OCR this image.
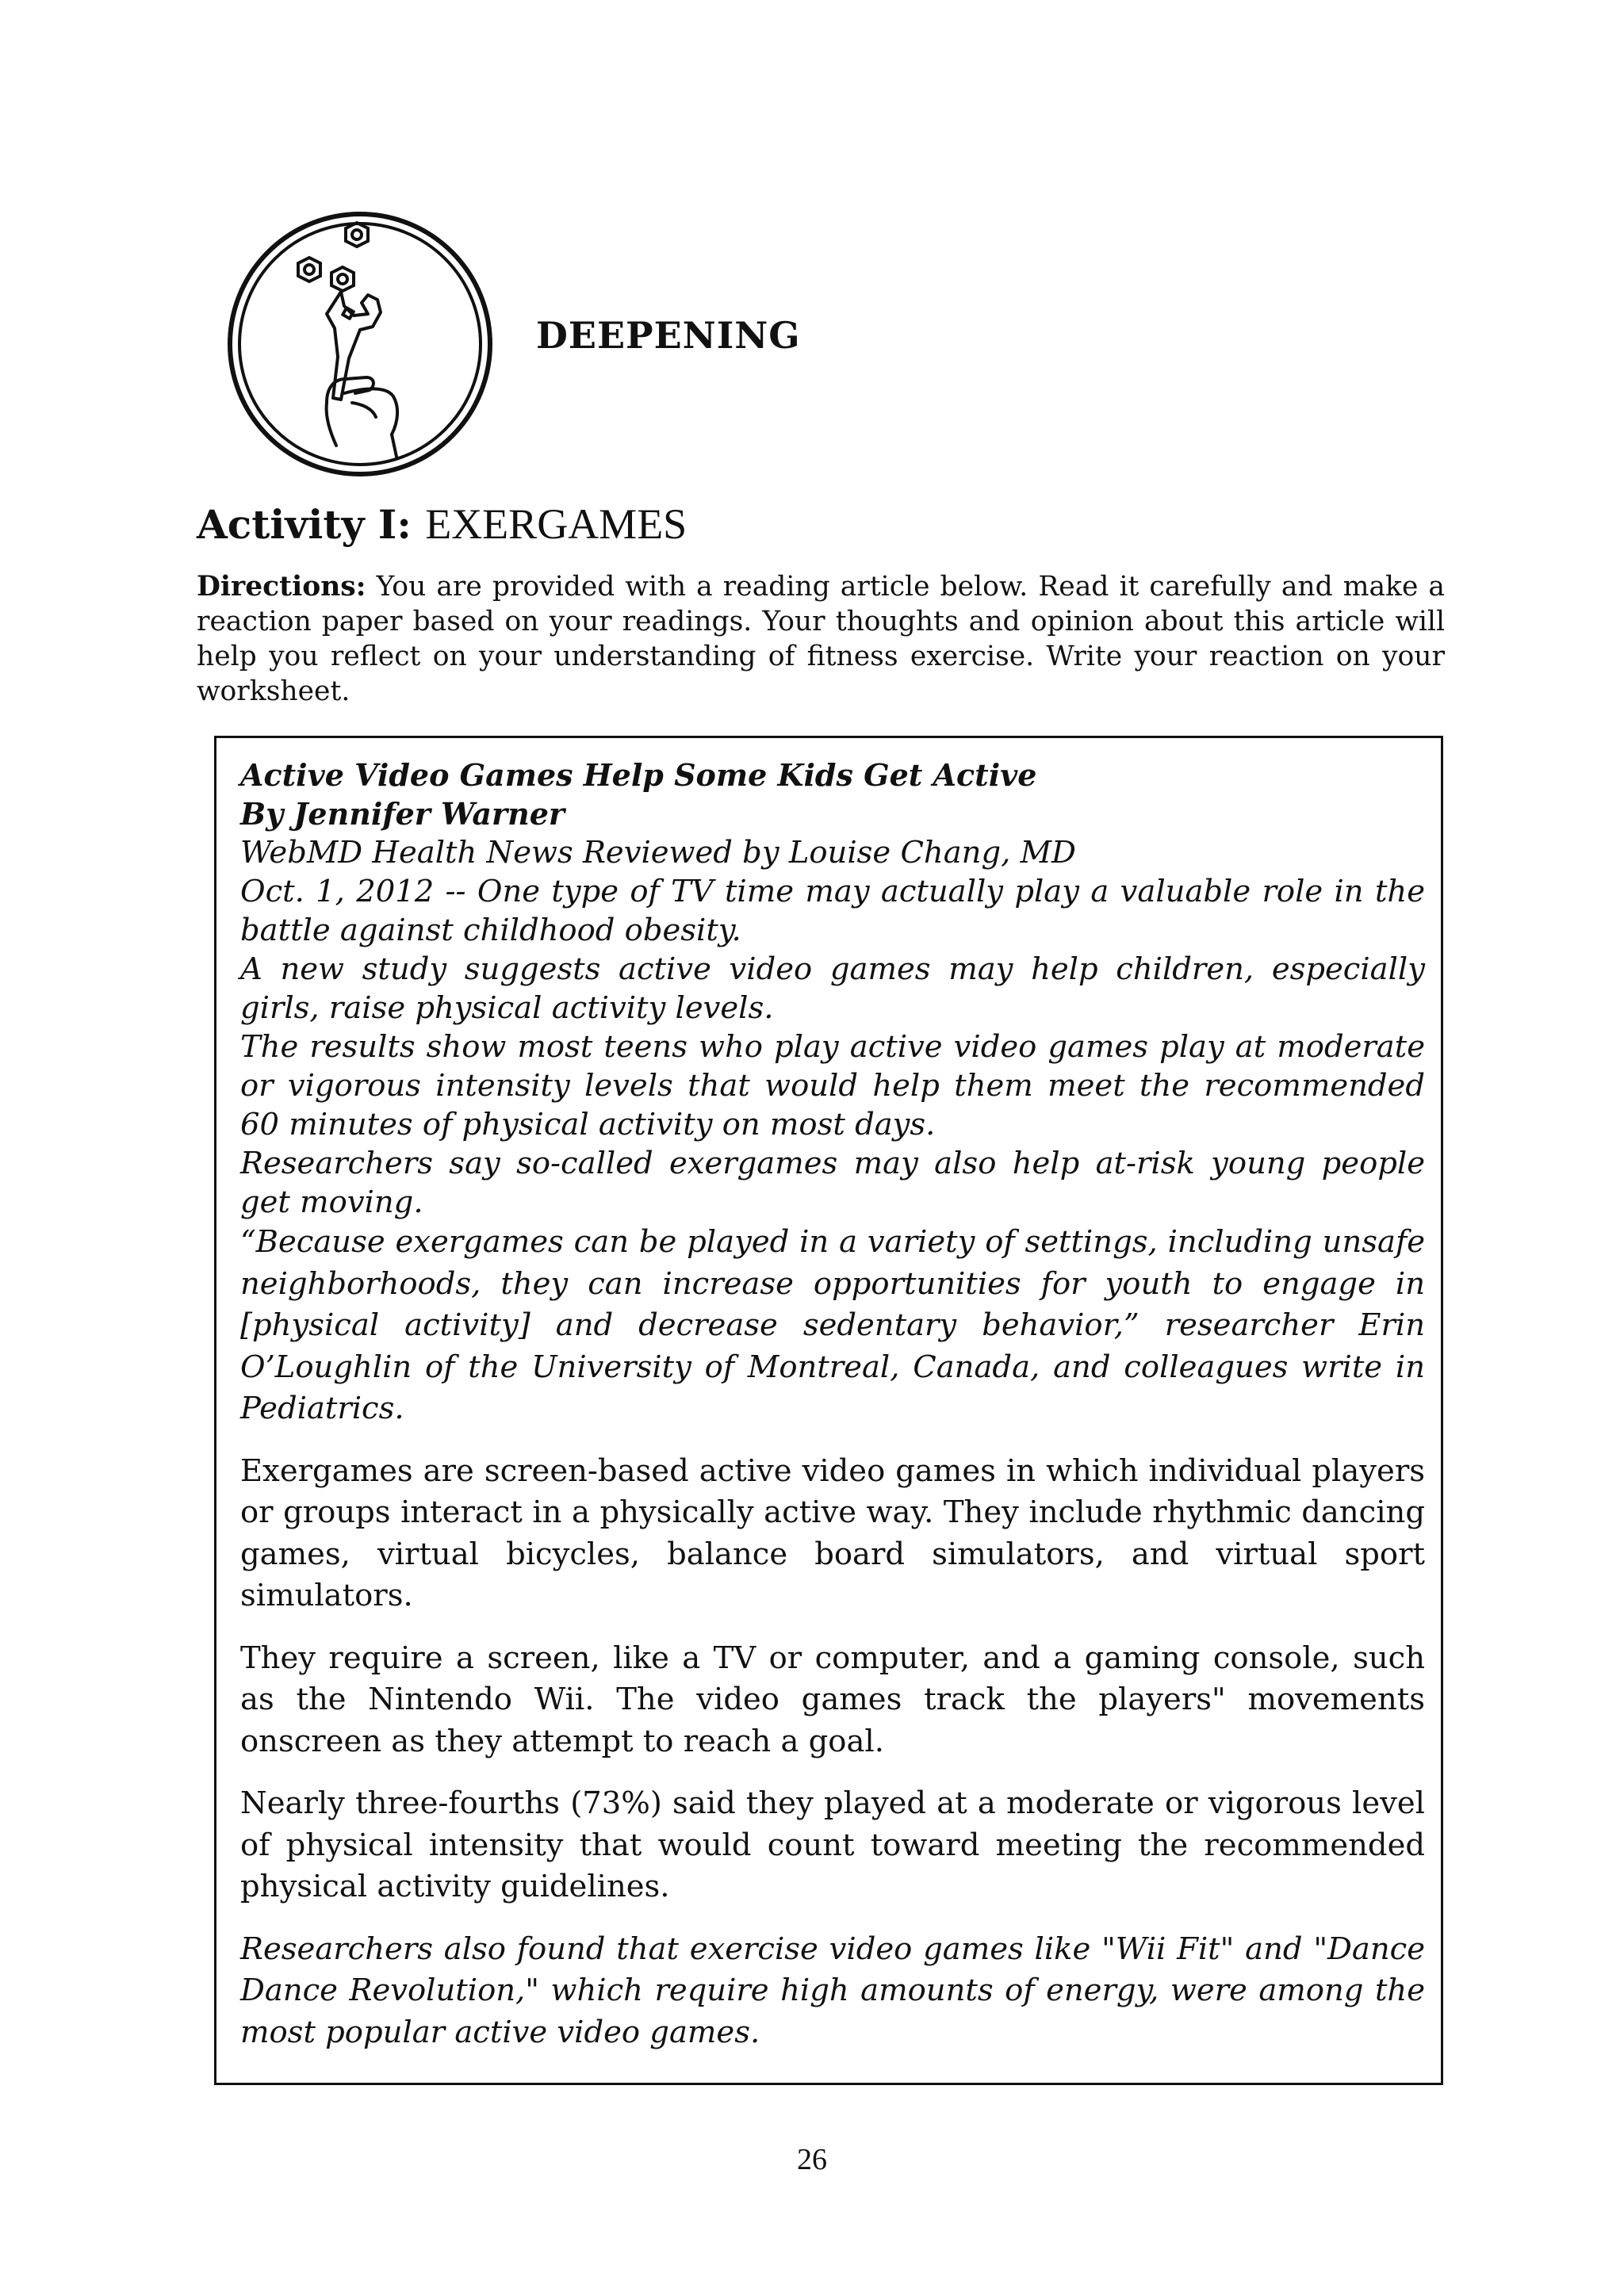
DEEPENING
Activity I: EXERGAMES

Directions: You are provided with a reading article below. Read it carefully and make a reaction paper based on your readings. Your thoughts and opinion about this article will help you reflect on your understanding of fitness exercise. Write your reaction on your worksheet.

Active Video Games Help Some Kids Get Active

By Jennifer Warner

WebMD Health News Reviewed by Louise Chang, MD

Oct. 1, 2012 -- One type of TV time may actually play a valuable role in the battle against childhood obesity.

A new study suggests active video games may help children, especially girls, raise physical activity levels.

The results show most teens who play active video games play at moderate or vigorous intensity levels that would help them meet the recommended 60 minutes of physical activity on most days.

Researchers say so-called exergames may also help at-risk young people get moving.

“Because exergames can be played in a variety of settings, including unsafe neighborhoods, they can increase opportunities for youth to engage in [physical activity] and decrease sedentary behavior,” researcher Erin O’Loughlin of the University of Montreal, Canada, and colleagues write in Pediatrics.

Exergames are screen-based active video games in which individual players or groups interact in a physically active way. They include rhythmic dancing games, virtual bicycles, balance board simulators, and virtual sport simulators.

They require a screen, like a TV or computer, and a gaming console, such as the Nintendo Wii. The video games track the players" movements onscreen as they attempt to reach a goal.

Nearly three-fourths (73%) said they played at a moderate or vigorous level of physical intensity that would count toward meeting the recommended physical activity guidelines.

Researchers also found that exercise video games like "Wii Fit" and "Dance Dance Revolution," which require high amounts of energy, were among the most popular active video games.

26
